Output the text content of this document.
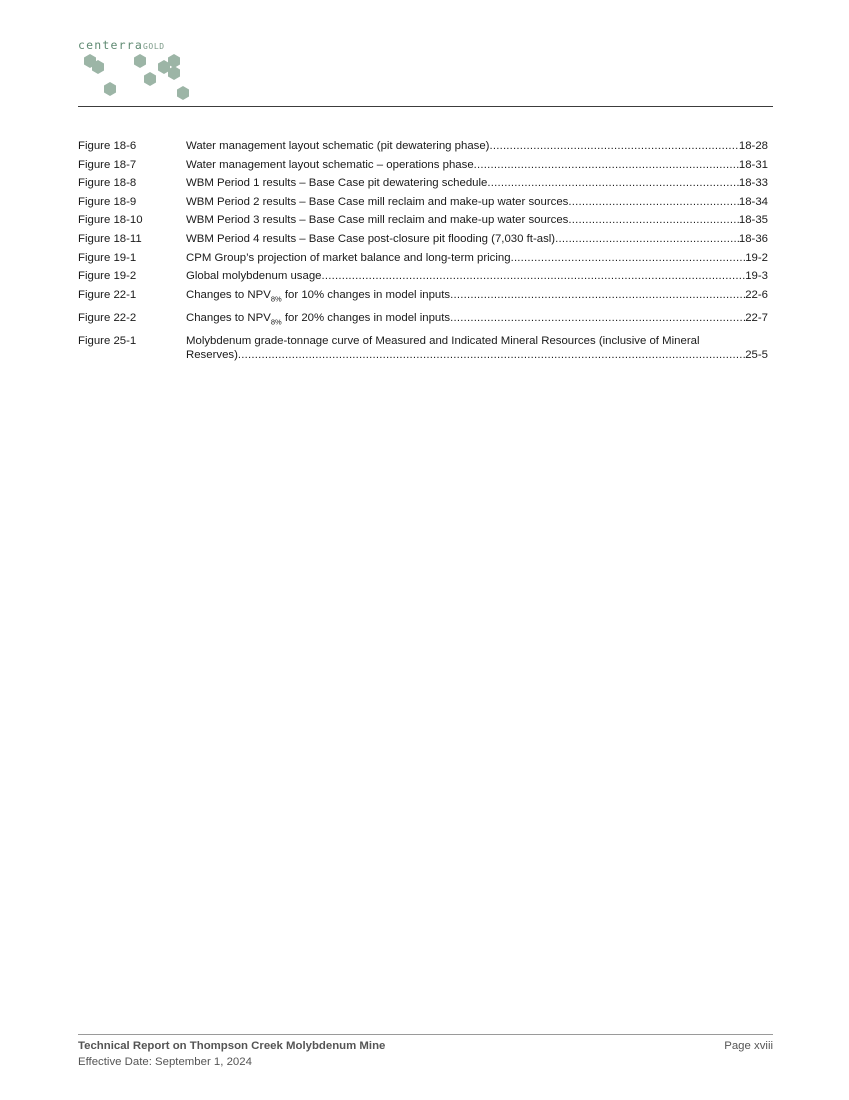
centerraGOLD
Figure 18-6	Water management layout schematic (pit dewatering phase) .....	18-28
Figure 18-7	Water management layout schematic – operations phase .....	18-31
Figure 18-8	WBM Period 1 results – Base Case pit dewatering schedule .....	18-33
Figure 18-9	WBM Period 2 results – Base Case mill reclaim and make-up water sources .....	18-34
Figure 18-10	WBM Period 3 results – Base Case mill reclaim and make-up water sources .....	18-35
Figure 18-11	WBM Period 4 results – Base Case post-closure pit flooding (7,030 ft-asl) .....	18-36
Figure 19-1	CPM Group’s projection of market balance and long-term pricing .....	19-2
Figure 19-2	Global molybdenum usage .....	19-3
Figure 22-1	Changes to $NPV_{8\%}$ for 10% changes in model inputs .....	22-6
Figure 22-2	Changes to $NPV_{8\%}$ for 20% changes in model inputs .....	22-7
Figure 25-1	Molybdenum grade-tonnage curve of Measured and Indicated Mineral Resources (inclusive of Mineral
Reserves) .....	25-5
Technical Report on Thompson Creek Molybdenum Mine
Effective Date: September 1, 2024
Page xviii
